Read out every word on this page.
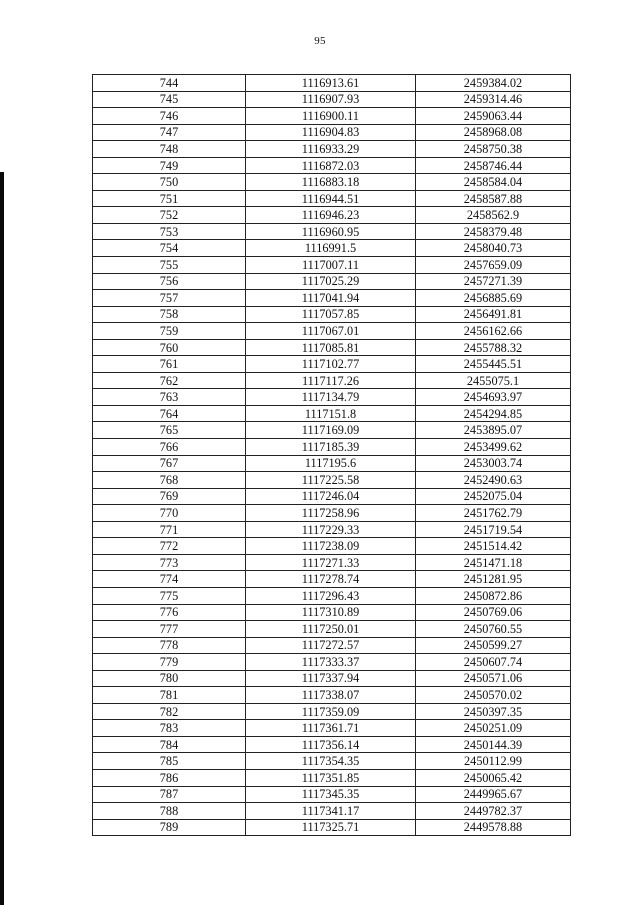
95
744	1116913.61	2459384.02
745	1116907.93	2459314.46
746	1116900.11	2459063.44
747	1116904.83	2458968.08
748	1116933.29	2458750.38
749	1116872.03	2458746.44
750	1116883.18	2458584.04
751	1116944.51	2458587.88
752	1116946.23	2458562.9
753	1116960.95	2458379.48
754	1116991.5	2458040.73
755	1117007.11	2457659.09
756	1117025.29	2457271.39
757	1117041.94	2456885.69
758	1117057.85	2456491.81
759	1117067.01	2456162.66
760	1117085.81	2455788.32
761	1117102.77	2455445.51
762	1117117.26	2455075.1
763	1117134.79	2454693.97
764	1117151.8	2454294.85
765	1117169.09	2453895.07
766	1117185.39	2453499.62
767	1117195.6	2453003.74
768	1117225.58	2452490.63
769	1117246.04	2452075.04
770	1117258.96	2451762.79
771	1117229.33	2451719.54
772	1117238.09	2451514.42
773	1117271.33	2451471.18
774	1117278.74	2451281.95
775	1117296.43	2450872.86
776	1117310.89	2450769.06
777	1117250.01	2450760.55
778	1117272.57	2450599.27
779	1117333.37	2450607.74
780	1117337.94	2450571.06
781	1117338.07	2450570.02
782	1117359.09	2450397.35
783	1117361.71	2450251.09
784	1117356.14	2450144.39
785	1117354.35	2450112.99
786	1117351.85	2450065.42
787	1117345.35	2449965.67
788	1117341.17	2449782.37
789	1117325.71	2449578.88
